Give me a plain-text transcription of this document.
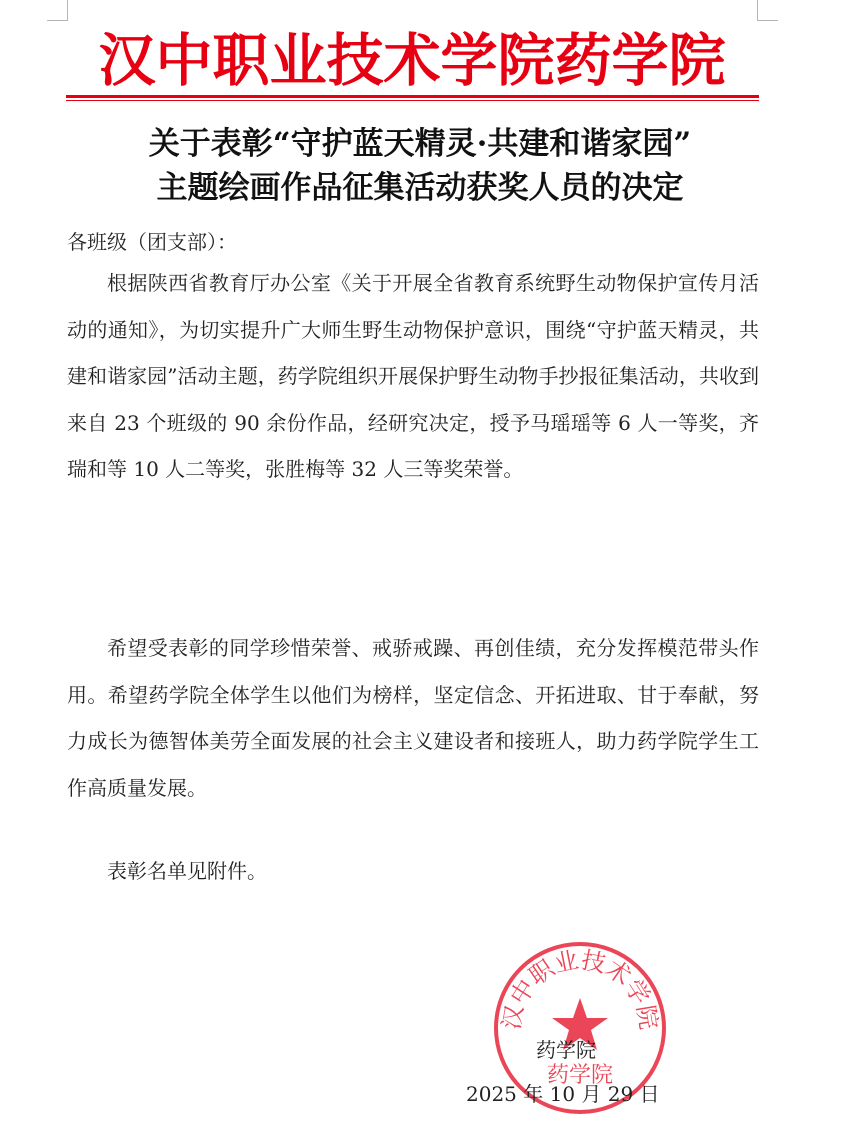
汉中职业技术学院药学院
关于表彰“守护蓝天精灵·共建和谐家园”
主题绘画作品征集活动获奖人员的决定
各班级（团支部）：

根据陕西省教育厅办公室《关于开展全省教育系统野生动物保护宣传月活动的通知》，为切实提升广大师生野生动物保护意识，围绕“守护蓝天精灵，共建和谐家园”活动主题，药学院组织开展保护野生动物手抄报征集活动，共收到来自 23 个班级的 90 余份作品，经研究决定，授予马瑶瑶等 6 人一等奖，齐瑞和等 10 人二等奖，张胜梅等 32 人三等奖荣誉。

希望受表彰的同学珍惜荣誉、戒骄戒躁、再创佳绩，充分发挥模范带头作用。希望药学院全体学生以他们为榜样，坚定信念、开拓进取、甘于奉献，努力成长为德智体美劳全面发展的社会主义建设者和接班人，助力药学院学生工作高质量发展。

表彰名单见附件。

汉中职业技术学院
药学院
药学院
2025 年 10 月 29 日
